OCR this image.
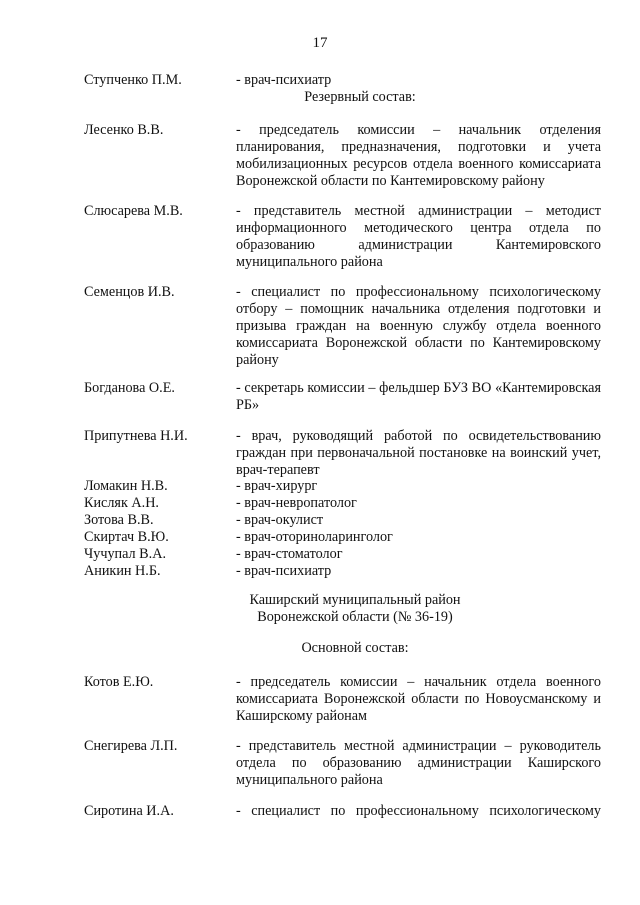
17
Ступченко П.М.	- врач-психиатр
Резервный состав:
Лесенко В.В.	- председатель комиссии – начальник отделения планирования, предназначения, подготовки и учета мобилизационных ресурсов отдела военного комиссариата Воронежской области по Кантемировскому району
Слюсарева М.В.	- представитель местной администрации – методист информационного методического центра отдела по образованию администрации Кантемировского муниципального района
Семенцов И.В.	- специалист по профессиональному психологическому отбору – помощник начальника отделения подготовки и призыва граждан на военную службу отдела военного комиссариата Воронежской области по Кантемировскому району
Богданова О.Е.	- секретарь комиссии – фельдшер БУЗ ВО «Кантемировская РБ»
Припутнева Н.И.	- врач, руководящий работой по освидетельствованию граждан при первоначальной постановке на воинский учет, врач-терапевт
Ломакин Н.В.	- врач-хирург
Кисляк А.Н.	- врач-невропатолог
Зотова В.В.	- врач-окулист
Скиртач В.Ю.	- врач-оториноларинголог
Чучупал В.А.	- врач-стоматолог
Аникин Н.Б.	- врач-психиатр
Каширский муниципальный район
Воронежской области (№ 36-19)
Основной состав:
Котов Е.Ю.	- председатель комиссии – начальник отдела военного комиссариата Воронежской области по Новоусманскому и Каширскому районам
Снегирева Л.П.	- представитель местной администрации – руководитель отдела по образованию администрации Каширского муниципального района
Сиротина И.А.	- специалист по профессиональному психологическому
